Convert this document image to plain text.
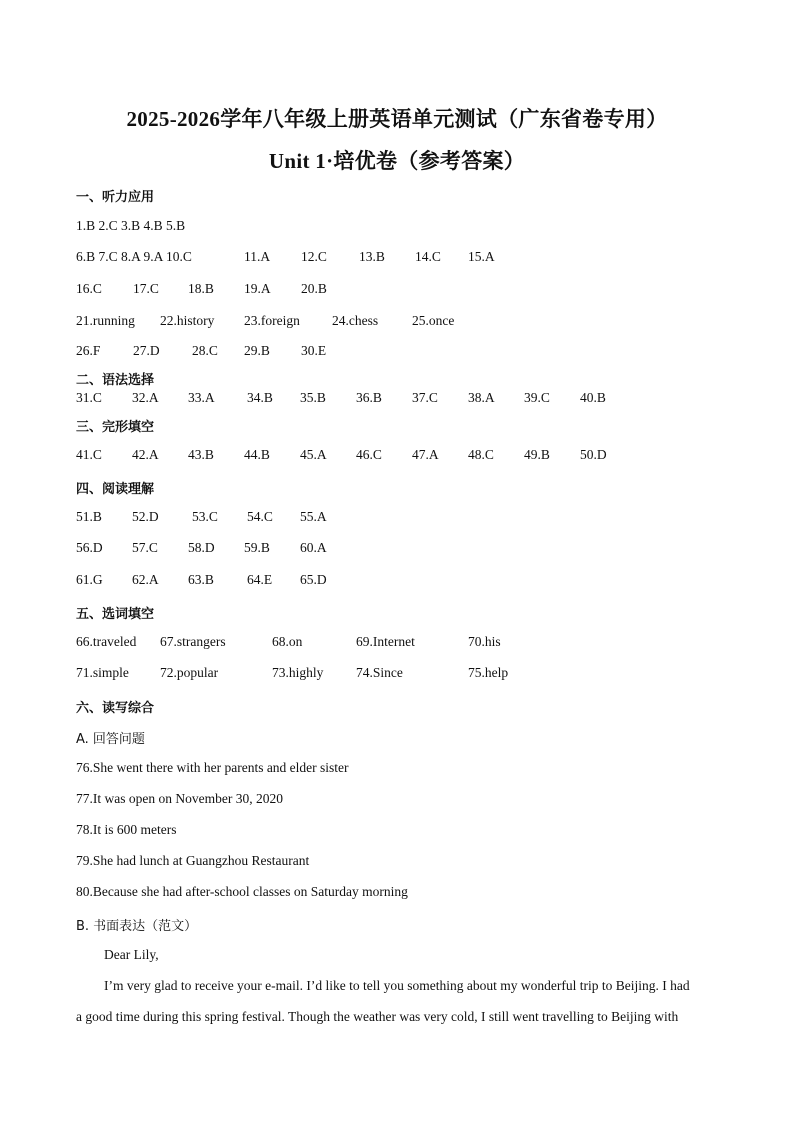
2025-2026学年八年级上册英语单元测试（广东省卷专用）
Unit 1·培优卷（参考答案）
一、听力应用
1.B 2.C 3.B 4.B 5.B
6.B 7.C 8.A 9.A 10.C	11.A 12.C 13.B 14.C 15.A
16.C 17.C 18.B 19.A 20.B
21.running 22.history 23.foreign 24.chess	25.once
26.F 27.D 28.C 29.B 30.E
二、语法选择
31.C 32.A 33.A 34.B 35.B 36.B 37.C 38.A 39.C 40.B
三、完形填空
41.C 42.A 43.B 44.B 45.A 46.C 47.A 48.C 49.B 50.D
四、阅读理解
51.B 52.D 53.C 54.C 55.A
56.D 57.C 58.D 59.B 60.A
61.G 62.A 63.B 64.E 65.D
五、选词填空
66.traveled 67.strangers	68.on	69.Internet	70.his
71.simple 72.popular	73.highly 74.Since	75.help
六、读写综合
A. 回答问题
76.She went there with her parents and elder sister
77.It was open on November 30, 2020
78.It is 600 meters
79.She had lunch at Guangzhou Restaurant
80.Because she had after-school classes on Saturday morning
B. 书面表达（范文）
Dear Lily,
I’m very glad to receive your e-mail. I’d like to tell you something about my wonderful trip to Beijing. I had
a good time during this spring festival. Though the weather was very cold, I still went travelling to Beijing with
